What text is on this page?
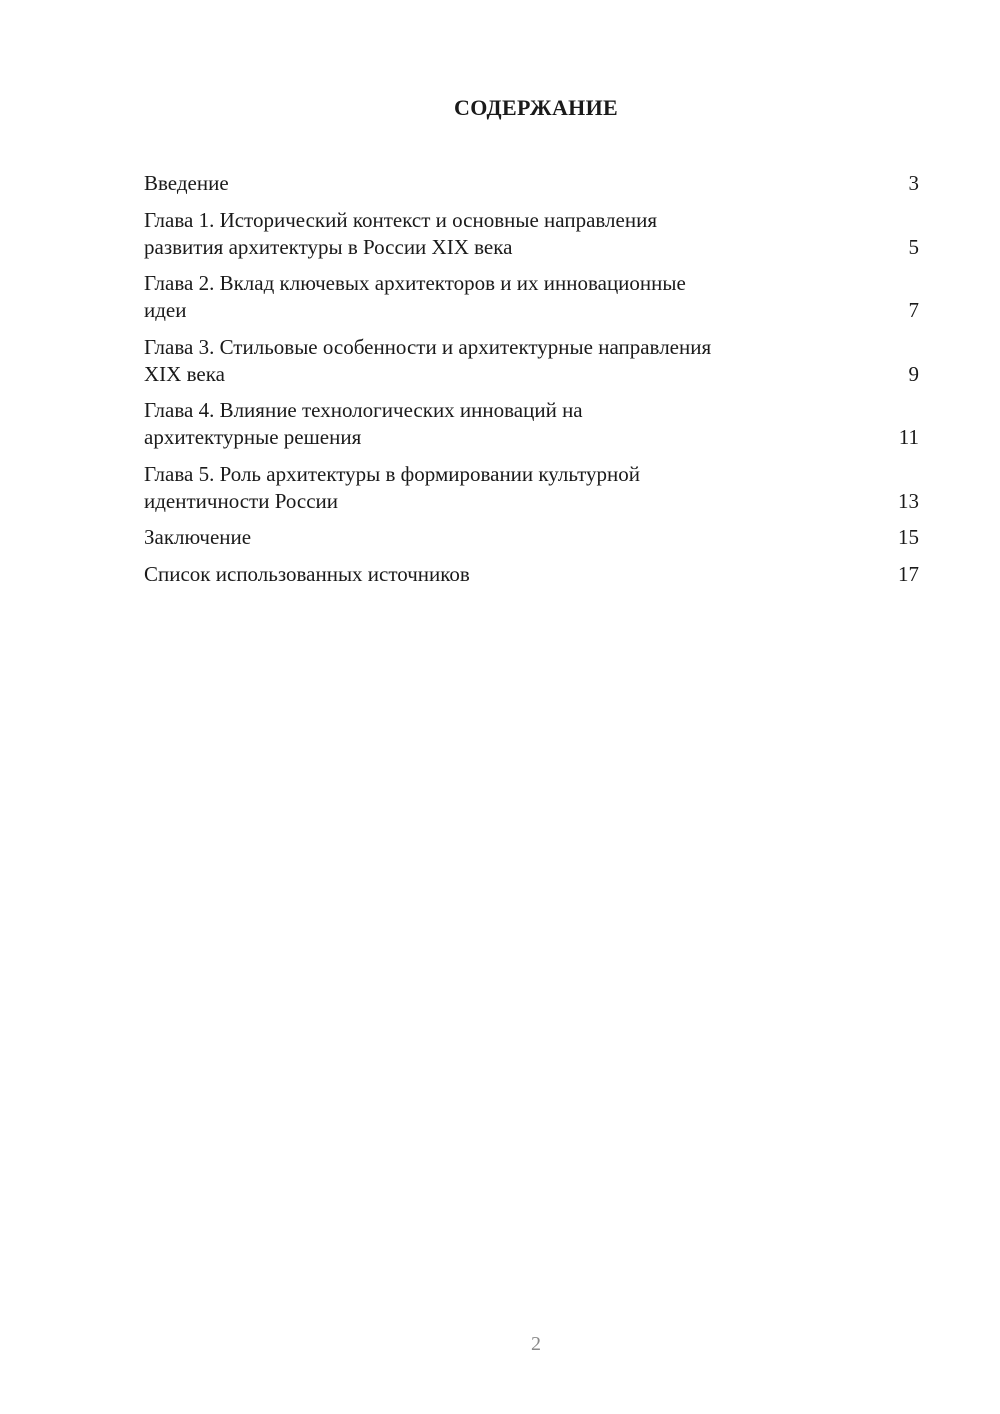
СОДЕРЖАНИЕ
Введение	3
Глава 1. Исторический контекст и основные направления
развития архитектуры в России XIX века	5
Глава 2. Вклад ключевых архитекторов и их инновационные
идеи	7
Глава 3. Стильовые особенности и архитектурные направления
XIX века	9
Глава 4. Влияние технологических инноваций на
архитектурные решения	11
Глава 5. Роль архитектуры в формировании культурной
идентичности России	13
Заключение	15
Список использованных источников	17
2
